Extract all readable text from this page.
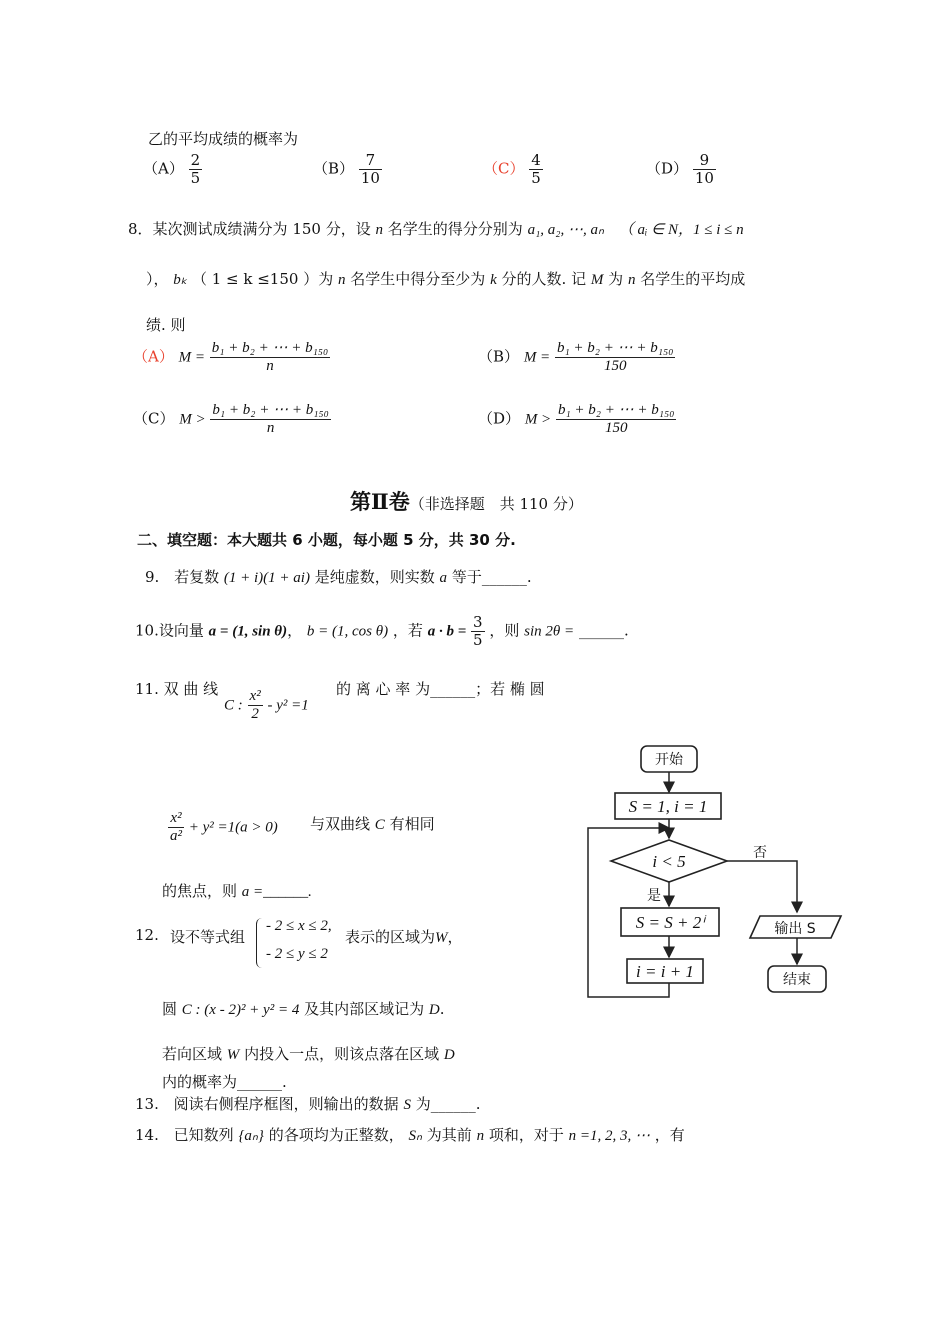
乙的平均成绩的概率为
$(A) \frac{2}{5}$	$(B) \frac{7}{10}$	$(C) \frac{4}{5}$	$(D) \frac{9}{10}$
8．某次测试成绩满分为 150 分，设 n 名学生的得分分别为 a₁, a₂, ⋯, aₙ （ aᵢ ∈ N，1 ≤ i ≤ n
）， bₖ （ 1 ≤ k ≤150 ）为 n 名学生中得分至少为 k 分的人数. 记 M 为 n 名学生的平均成
绩. 则
（A） $M = \frac{\text{b₁ + b₂ + ⋯ + b₁₅₀}}{n}$	（B） $M = \frac{\text{b₁ + b₂ + ⋯ + b₁₅₀}}{150}$
（C） $M > \frac{\text{b₁ + b₂ + ⋯ + b₁₅₀}}{n}$	（D） $M > \frac{\text{b₁ + b₂ + ⋯ + b₁₅₀}}{150}$
第Ⅱ卷（非选择题　共 110 分）
二、填空题：本大题共 6 小题，每小题 5 分，共 30 分.
9. 若复数 (1 + i)(1 + ai) 是纯虚数，则实数 a 等于______.
10.设向量 a = (1, sin θ)， b = (1, cos θ) ，若 $a \cdot b = \frac{3}{5}$ ，则 sin 2θ = ______.
11. 双 曲 线
C : $\frac{\text{x²}}{2} - y^2 =1$
的 离 心 率 为______；若 椭 圆
$\frac{\text{x²}}{\text{a²}} + y^2 =1(a > 0)$ 与双曲线 C 有相同
的焦点，则 a =______.
12. 设不等式组
- 2 ≤ x ≤ 2,
- 2 ≤ y ≤ 2
表示的区域为W，
圆 C : (x - 2)² + y² = 4 及其内部区域记为 D.
若向区域 W 内投入一点，则该点落在区域 D
内的概率为______.
13. 阅读右侧程序框图，则输出的数据 S 为______.
14. 已知数列 {aₙ} 的各项均为正整数， Sₙ 为其前 n 项和，对于 n =1, 2, 3, ⋯ ，有
开始
S = 1, i = 1
i < 5	否
是
S = S + 2ⁱ
i = i + 1
输出 S
结束
